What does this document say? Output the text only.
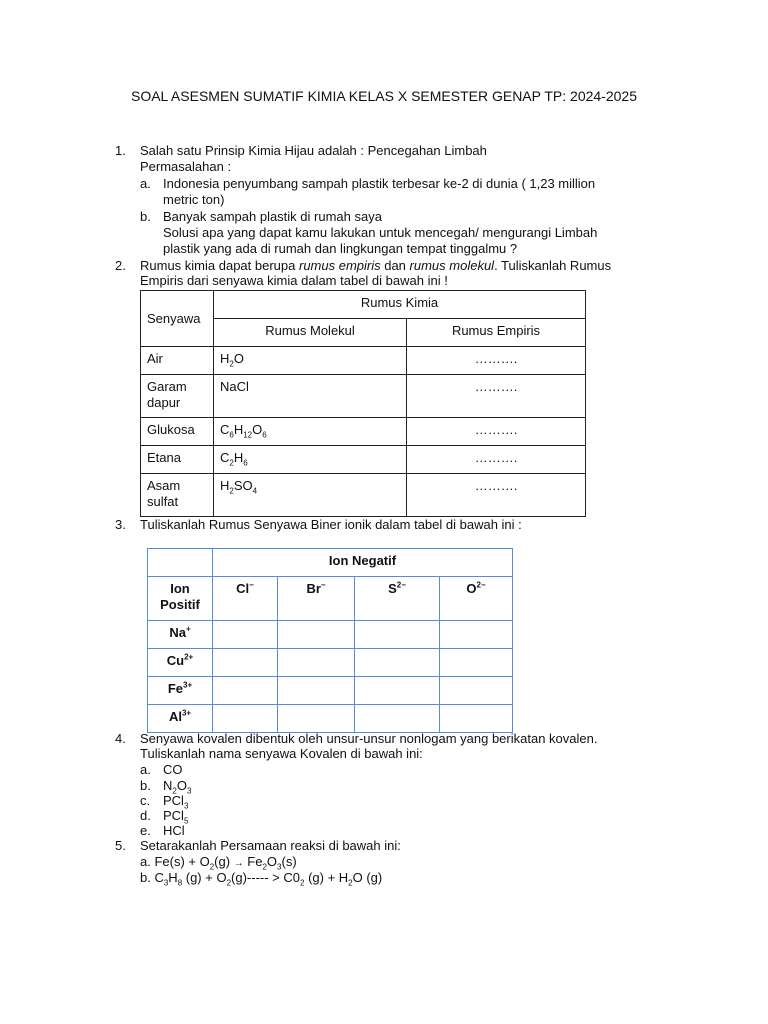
SOAL ASESMEN SUMATIF KIMIA KELAS X SEMESTER GENAP TP: 2024-2025
1. Salah satu Prinsip Kimia Hijau adalah : Pencegahan Limbah
Permasalahan :
a. Indonesia penyumbang sampah plastik terbesar ke-2 di dunia ( 1,23 million
metric ton)
b. Banyak sampah plastik di rumah saya
Solusi apa yang dapat kamu lakukan untuk mencegah/ mengurangi Limbah
plastik yang ada di rumah dan lingkungan tempat tinggalmu ?
2. Rumus kimia dapat berupa rumus empiris dan rumus molekul. Tuliskanlah Rumus
Empiris dari senyawa kimia dalam tabel di bawah ini !
Senyawa	Rumus Kimia	
	Rumus Molekul	Rumus Empiris
Air	$H_2O$	……….
Garam
dapur	NaCl	……….
Glukosa	$C_6H_{12}O_6$	……….
Etana	$C_2H_6$	……….
Asam
sulfat	$H_2SO_4$	……….
3. Tuliskanlah Rumus Senyawa Biner ionik dalam tabel di bawah ini :
	Ion Negatif			
Ion
Positif	Cl−	Br−	$S^{2-}$	$O^{2-}$
Na+				
$Cu^{2+}$				
$Fe^{3+}$				
$Al^{3+}$				
4. Senyawa kovalen dibentuk oleh unsur-unsur nonlogam yang berikatan kovalen.
Tuliskanlah nama senyawa Kovalen di bawah ini:
a. CO
b. $N_2O_3$
c. PCl$_3$
d. PCl$_5$
e. HCl
5. Setarakanlah Persamaan reaksi di bawah ini:
a. $Fe(s) + O_2(g) \to Fe_2O_3(s)$
b. $C_3H_8$ $(g) + O_2(g)----- > C0_2$ $(g) + H_2O$ (g)
